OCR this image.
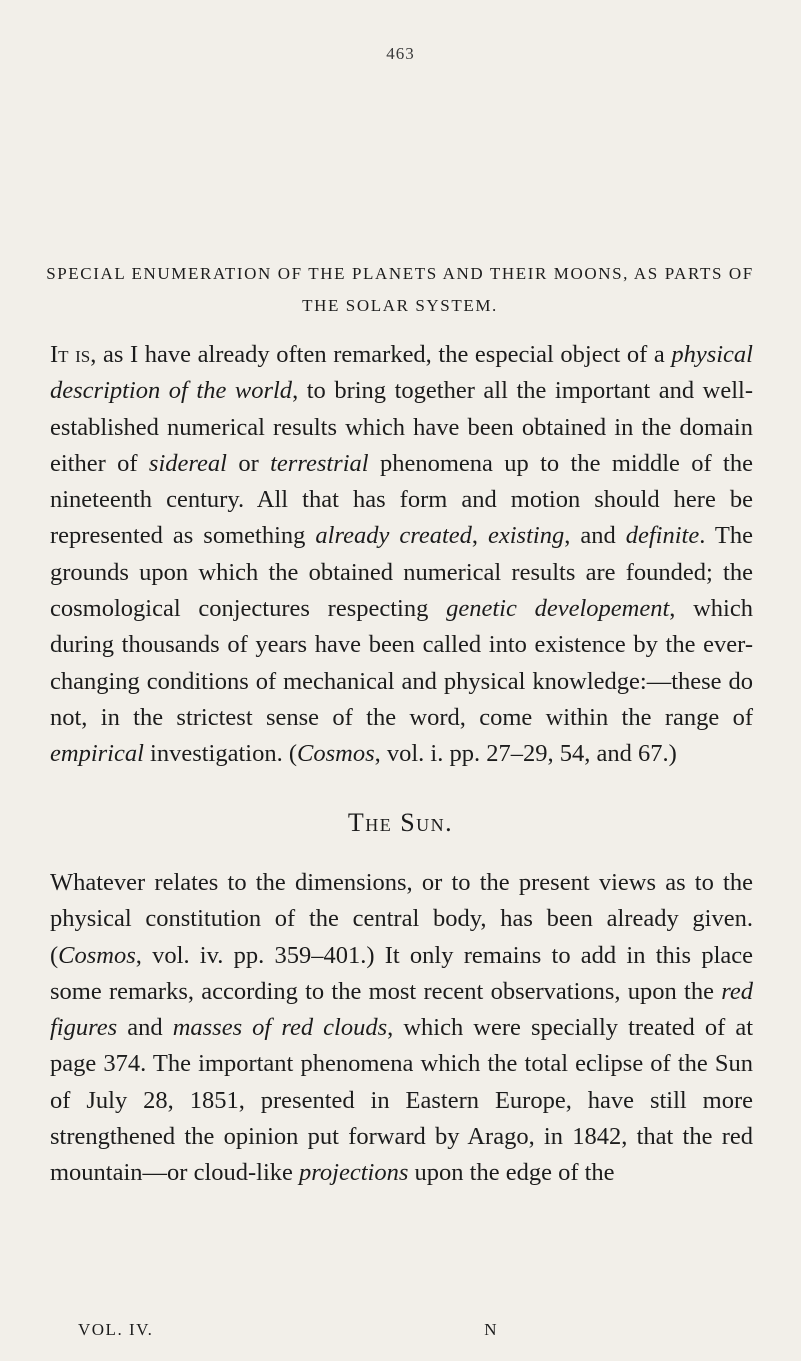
463
SPECIAL ENUMERATION OF THE PLANETS AND THEIR MOONS, AS PARTS OF THE SOLAR SYSTEM.

It is, as I have already often remarked, the especial object of a physical description of the world, to bring together all the important and well-established numerical results which have been obtained in the domain either of sidereal or terrestrial phenomena up to the middle of the nineteenth century. All that has form and motion should here be represented as something already created, existing, and definite. The grounds upon which the obtained numerical results are founded; the cosmological conjectures respecting genetic developement, which during thousands of years have been called into existence by the ever-changing conditions of mechanical and physical knowledge:—these do not, in the strictest sense of the word, come within the range of empirical investigation. (Cosmos, vol. i. pp. 27–29, 54, and 67.)

The Sun.

Whatever relates to the dimensions, or to the present views as to the physical constitution of the central body, has been already given. (Cosmos, vol. iv. pp. 359–401.) It only remains to add in this place some remarks, according to the most recent observations, upon the red figures and masses of red clouds, which were specially treated of at page 374. The important phenomena which the total eclipse of the Sun of July 28, 1851, presented in Eastern Europe, have still more strengthened the opinion put forward by Arago, in 1842, that the red mountain—or cloud-like projections upon the edge of the

VOL. IV.	N
